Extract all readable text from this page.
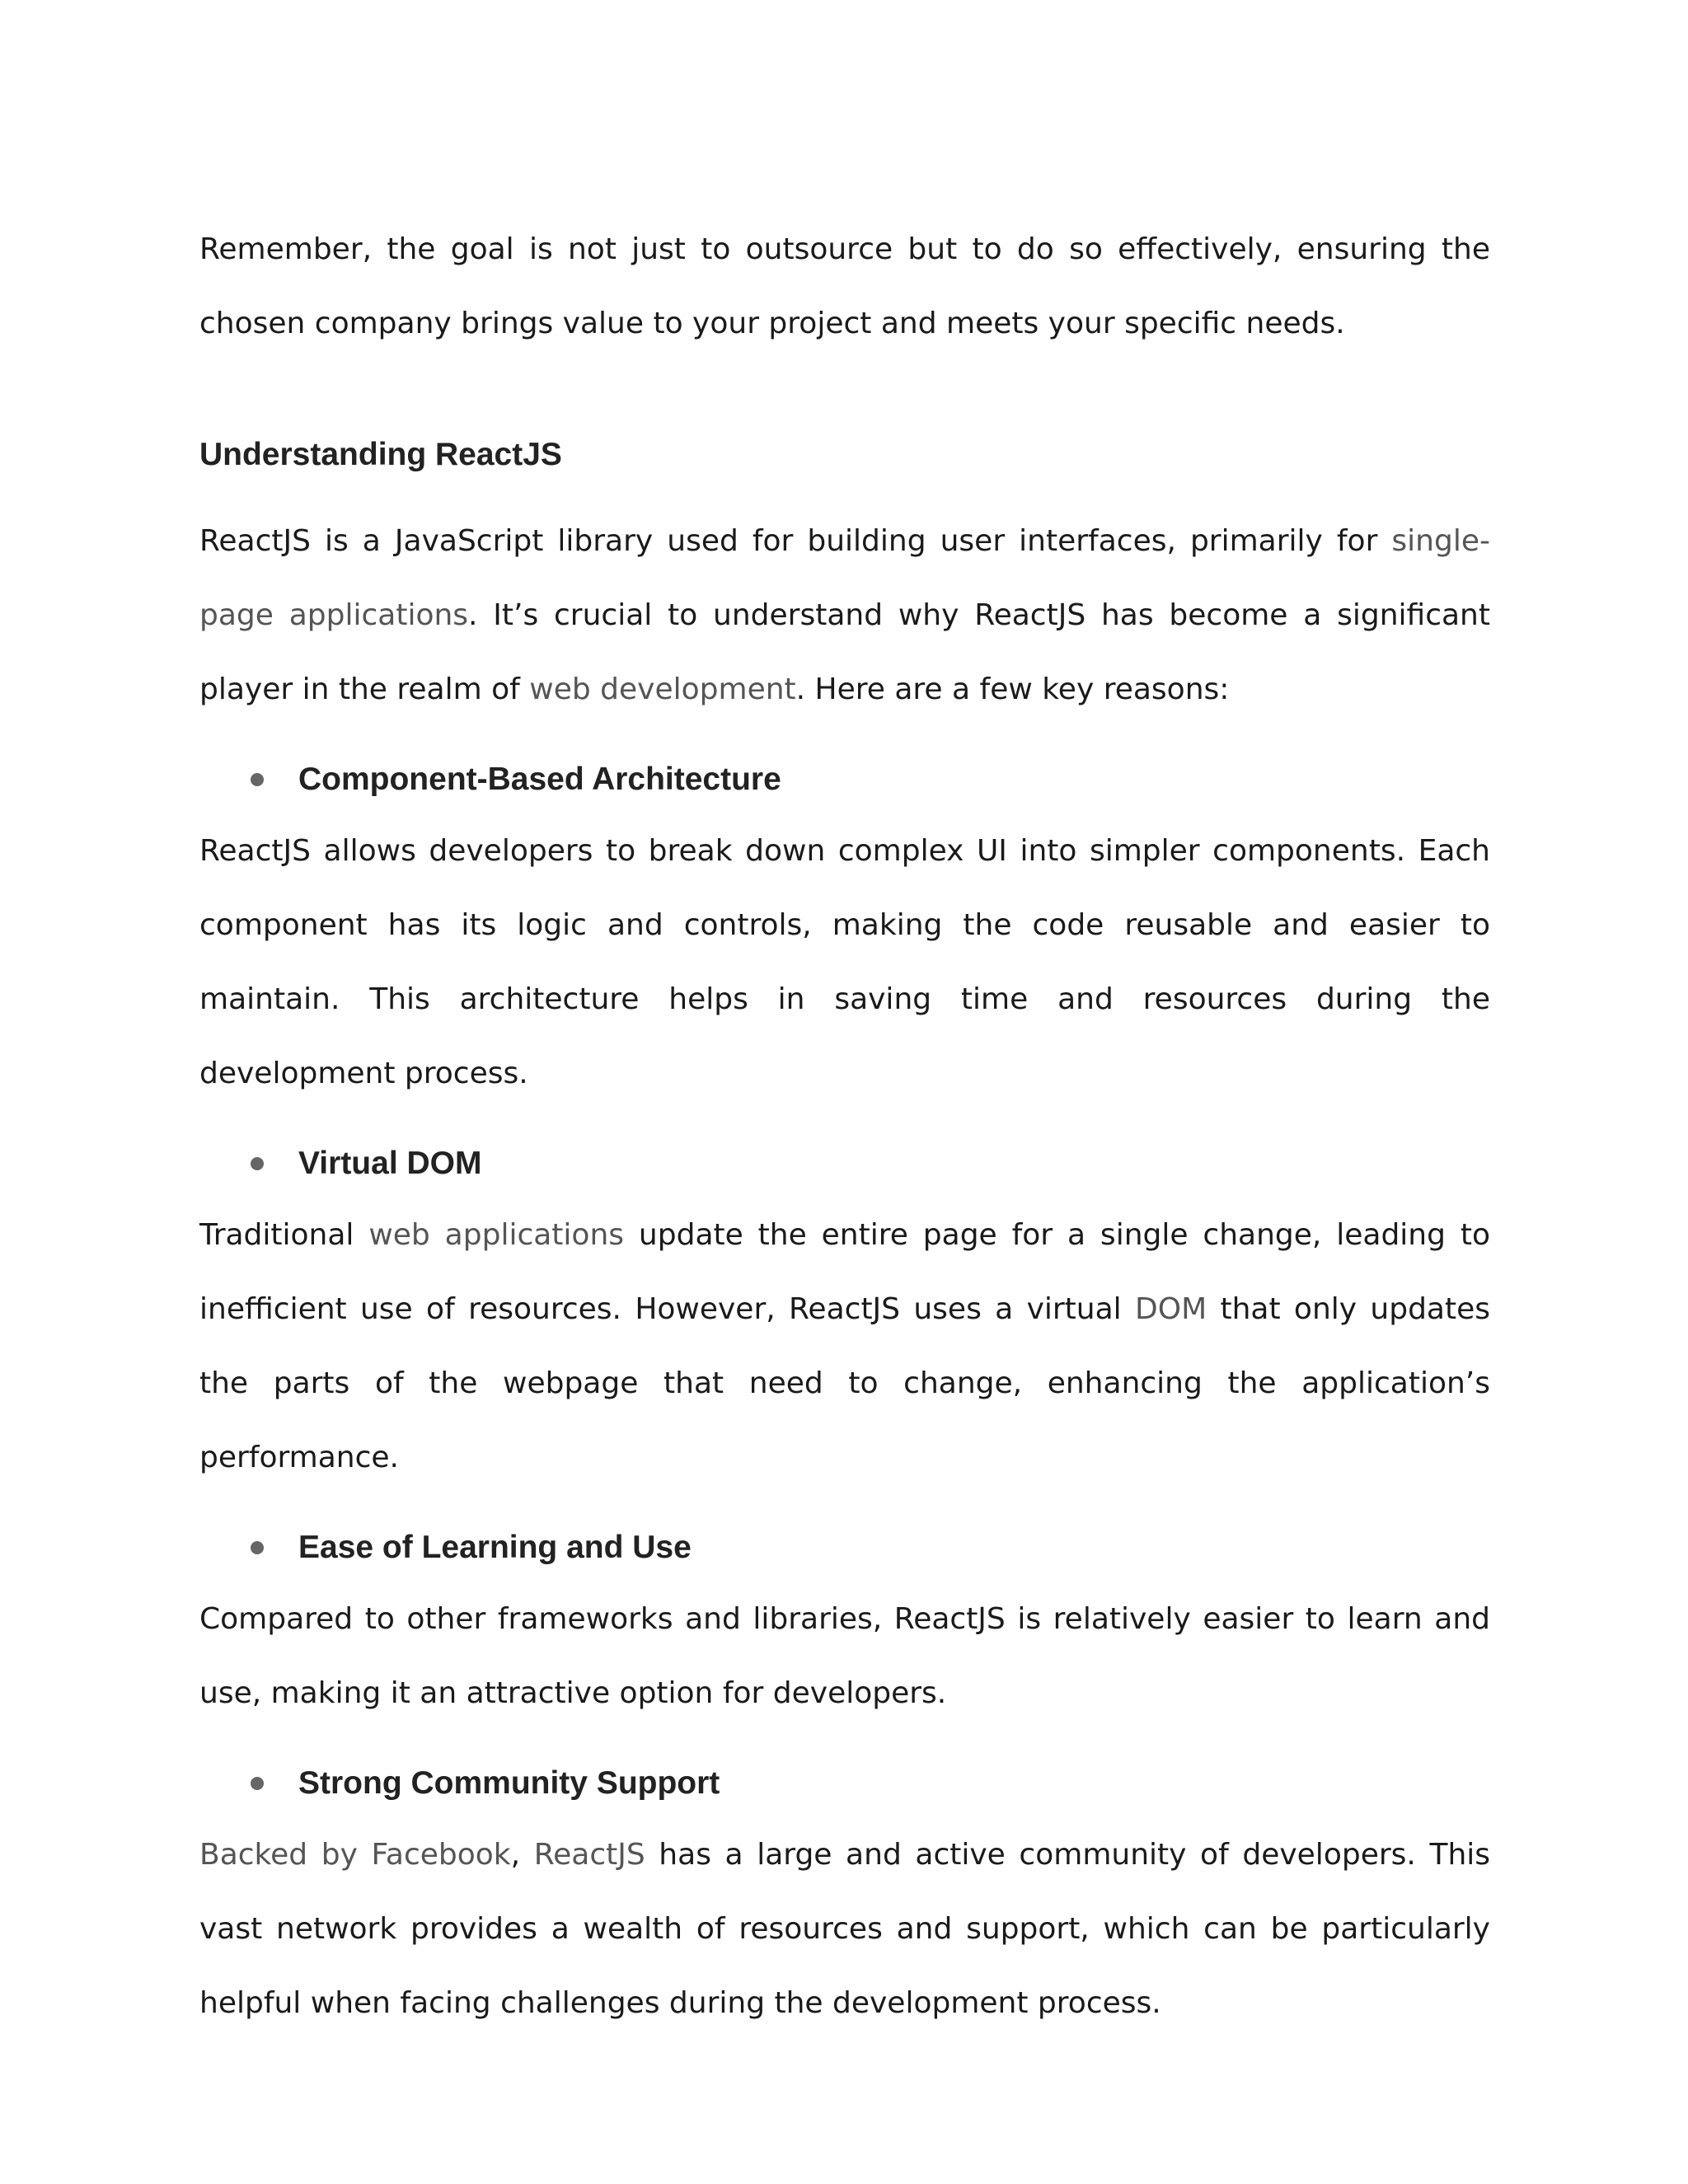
Remember, the goal is not just to outsource but to do so effectively, ensuring the chosen company brings value to your project and meets your specific needs.

Understanding ReactJS

ReactJS is a JavaScript library used for building user interfaces, primarily for single-page applications. It’s crucial to understand why ReactJS has become a significant player in the realm of web development. Here are a few key reasons:

Component-Based Architecture

ReactJS allows developers to break down complex UI into simpler components. Each component has its logic and controls, making the code reusable and easier to maintain. This architecture helps in saving time and resources during the development process.

Virtual DOM

Traditional web applications update the entire page for a single change, leading to inefficient use of resources. However, ReactJS uses a virtual DOM that only updates the parts of the webpage that need to change, enhancing the application’s performance.

Ease of Learning and Use

Compared to other frameworks and libraries, ReactJS is relatively easier to learn and use, making it an attractive option for developers.

Strong Community Support

Backed by Facebook, ReactJS has a large and active community of developers. This vast network provides a wealth of resources and support, which can be particularly helpful when facing challenges during the development process.
